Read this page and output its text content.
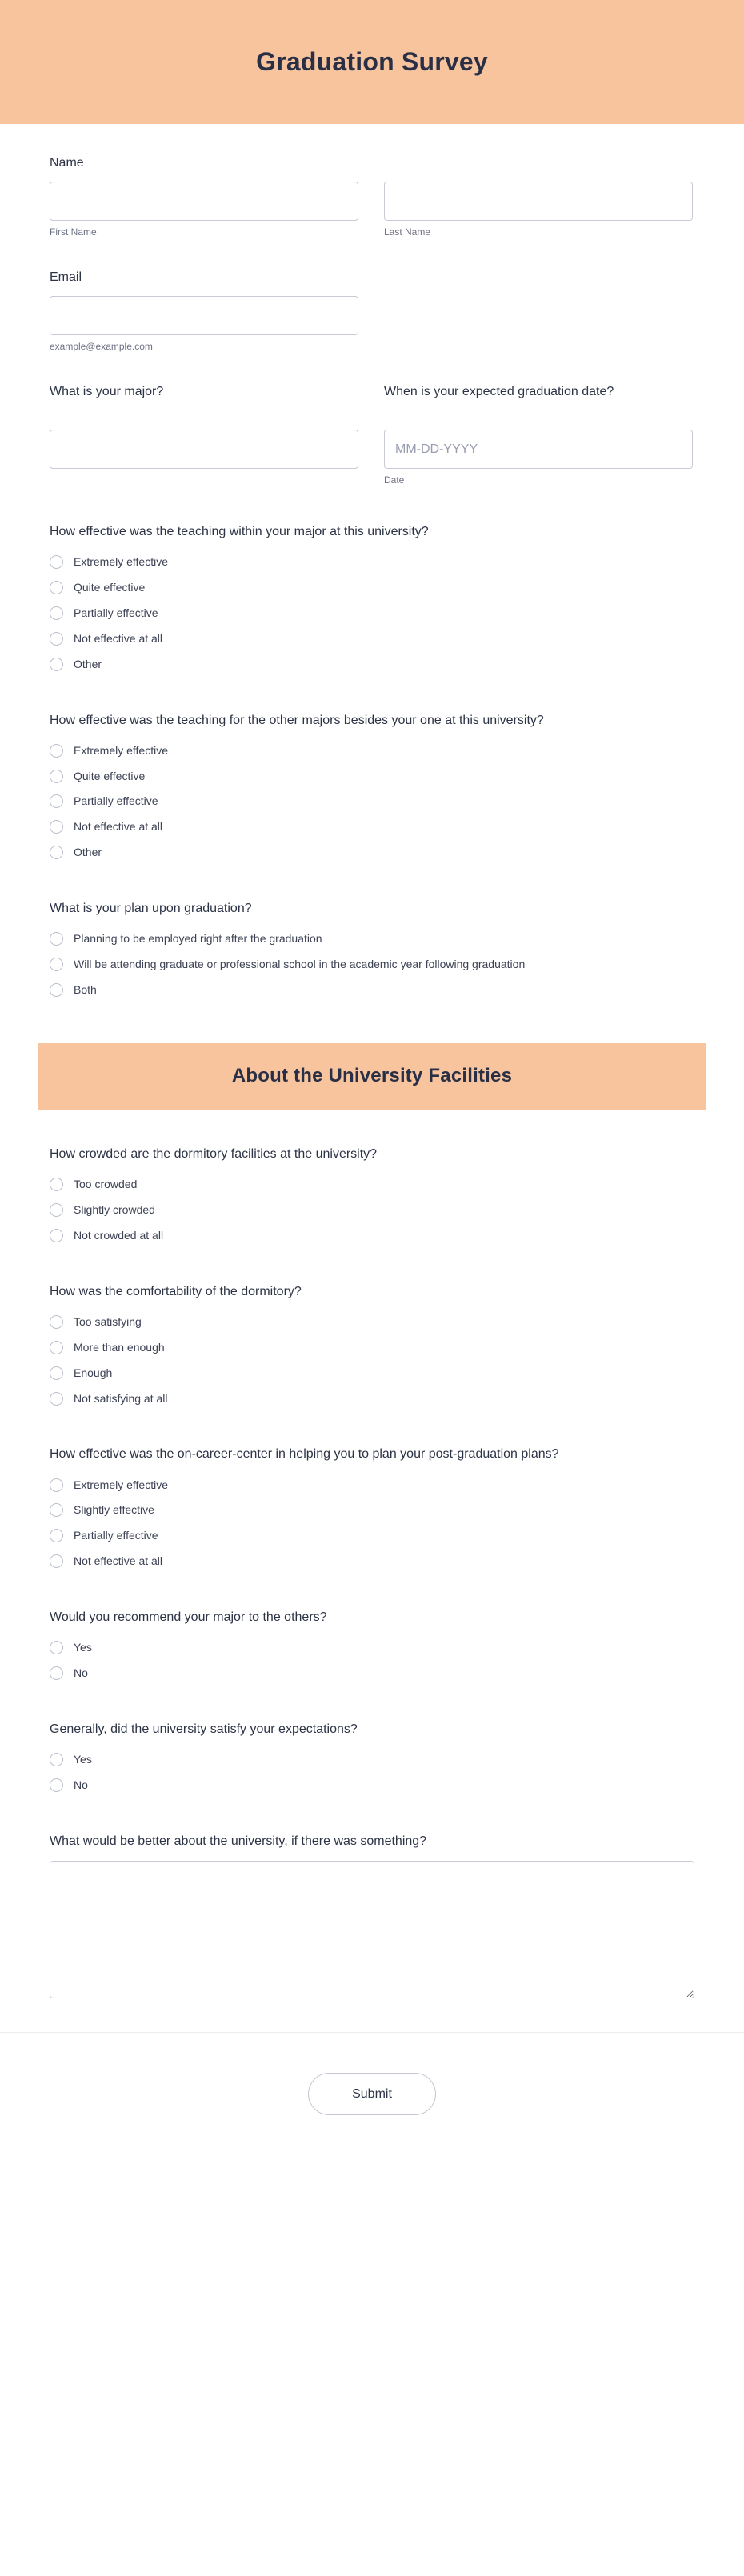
Graduation Survey
Name
First Name	Last Name
Email
example@example.com
What is your major?	When is your expected graduation date?
MM-DD-YYYY
Date
How effective was the teaching within your major at this university?
Extremely effective
Quite effective
Partially effective
Not effective at all
Other
How effective was the teaching for the other majors besides your one at this university?
Extremely effective
Quite effective
Partially effective
Not effective at all
Other
What is your plan upon graduation?
Planning to be employed right after the graduation
Will be attending graduate or professional school in the academic year following graduation
Both
About the University Facilities
How crowded are the dormitory facilities at the university?
Too crowded
Slightly crowded
Not crowded at all
How was the comfortability of the dormitory?
Too satisfying
More than enough
Enough
Not satisfying at all
How effective was the on-career-center in helping you to plan your post-graduation plans?
Extremely effective
Slightly effective
Partially effective
Not effective at all
Would you recommend your major to the others?
Yes
No
Generally, did the university satisfy your expectations?
Yes
No
What would be better about the university, if there was something?
Submit
